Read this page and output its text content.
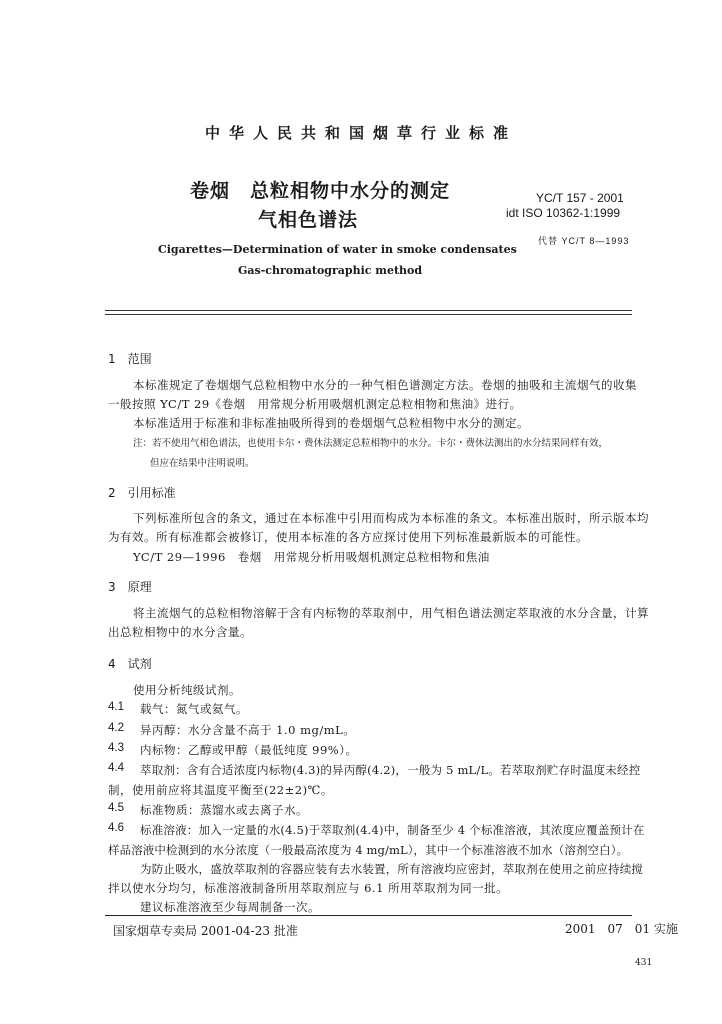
中华人民共和国烟草行业标准
卷烟　总粒相物中水分的测定
气相色谱法
YC/T 157 - 2001
idt ISO 10362-1:1999
代替 YC/T 8—1993
Cigarettes—Determination of water in smoke condensates
Gas-chromatographic method
1　范围
本标准规定了卷烟烟气总粒相物中水分的一种气相色谱测定方法。卷烟的抽吸和主流烟气的收集
一般按照 YC/T 29《卷烟　用常规分析用吸烟机测定总粒相物和焦油》进行。
本标准适用于标准和非标准抽吸所得到的卷烟烟气总粒相物中水分的测定。
注：若不使用气相色谱法，也使用卡尔・费休法测定总粒相物中的水分。卡尔・费休法测出的水分结果同样有效，
但应在结果中注明说明。
2　引用标准
下列标准所包含的条文，通过在本标准中引用而构成为本标准的条文。本标准出版时，所示版本均
为有效。所有标准都会被修订，使用本标准的各方应探讨使用下列标准最新版本的可能性。
YC/T 29—1996　卷烟　用常规分析用吸烟机测定总粒相物和焦油
3　原理
将主流烟气的总粒相物溶解于含有内标物的萃取剂中，用气相色谱法测定萃取液的水分含量，计算
出总粒相物中的水分含量。
4　试剂
使用分析纯级试剂。
4.1 载气：氮气或氦气。
4.2 异丙醇：水分含量不高于 1.0 mg/mL。
4.3 内标物：乙醇或甲醇（最低纯度 99%）。
4.4 萃取剂：含有合适浓度内标物(4.3)的异丙醇(4.2)，一般为 5 mL/L。若萃取剂贮存时温度未经控
制，使用前应将其温度平衡至(22±2)℃。
4.5 标准物质：蒸馏水或去离子水。
4.6 标准溶液：加入一定量的水(4.5)于萃取剂(4.4)中，制备至少 4 个标准溶液，其浓度应覆盖预计在
样品溶液中检测到的水分浓度（一般最高浓度为 4 mg/mL），其中一个标准溶液不加水（溶剂空白）。
为防止吸水，盛放萃取剂的容器应装有去水装置，所有溶液均应密封，萃取剂在使用之前应持续搅
拌以使水分均匀，标准溶液制备所用萃取剂应与 6.1 所用萃取剂为同一批。
建议标准溶液至少每周制备一次。
国家烟草专卖局 2001-04-23 批准	2001　07　01 实施
431
